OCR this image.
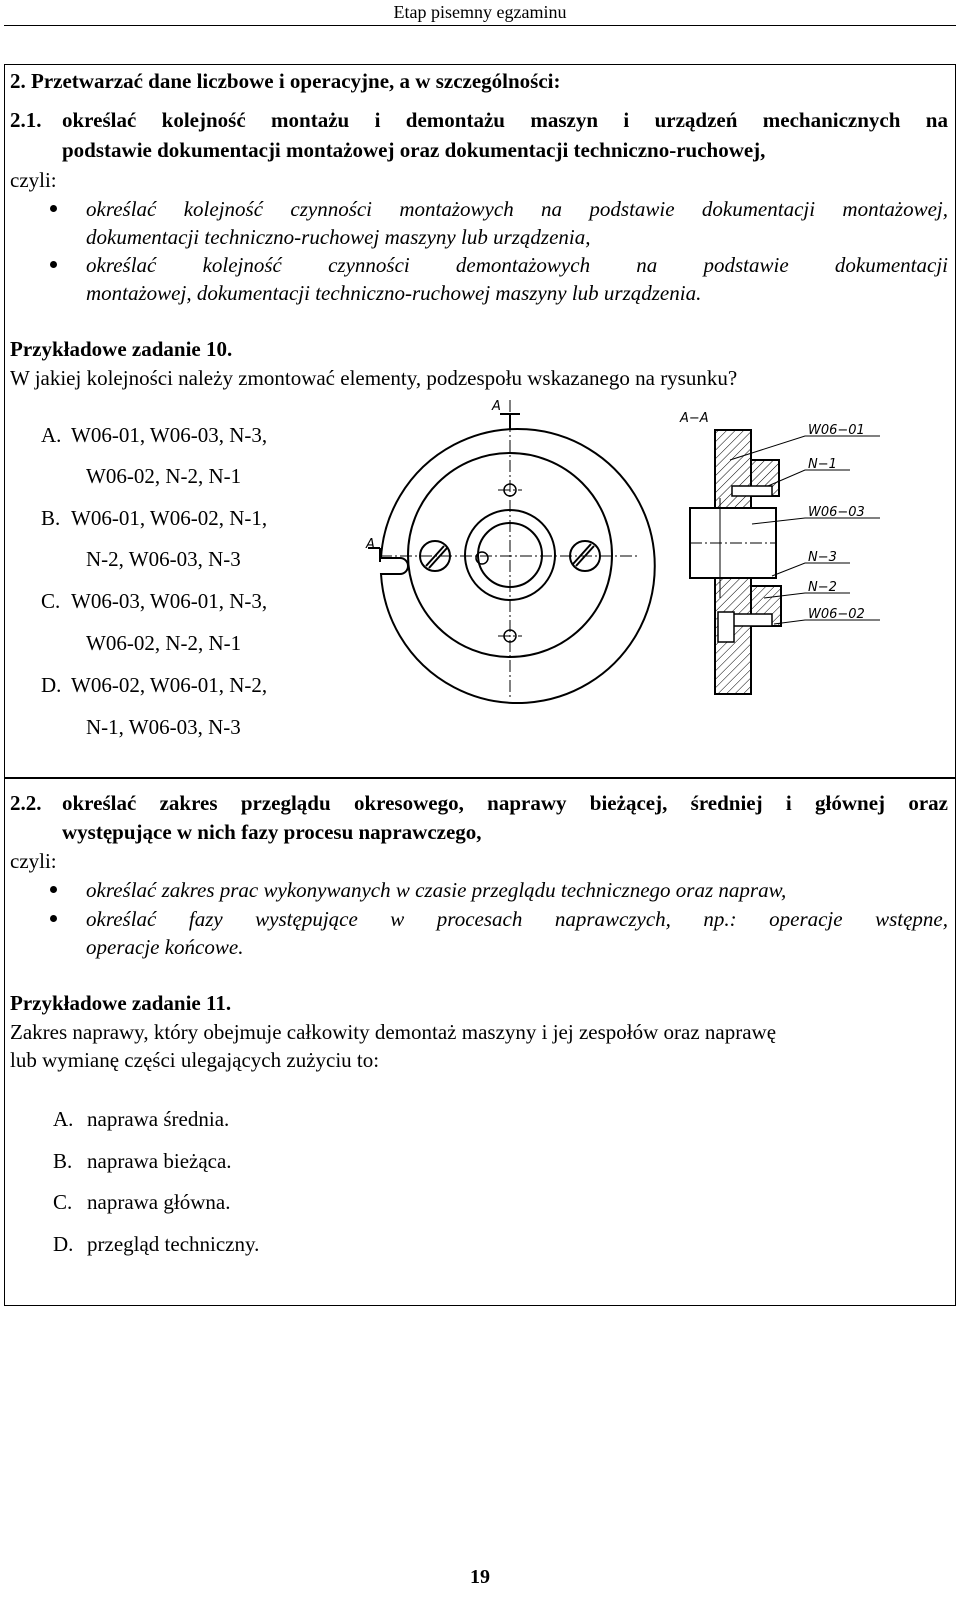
Etap pisemny egzaminu
2. Przetwarzać dane liczbowe i operacyjne, a w szczególności:
2.1. określać kolejność montażu i demontażu maszyn i urządzeń mechanicznych na
podstawie dokumentacji montażowej oraz dokumentacji techniczno-ruchowej,
czyli:
określać kolejność czynności montażowych na podstawie dokumentacji montażowej,
dokumentacji techniczno-ruchowej maszyny lub urządzenia,
określać kolejność czynności demontażowych na podstawie dokumentacji
montażowej, dokumentacji techniczno-ruchowej maszyny lub urządzenia.
Przykładowe zadanie 10.
W jakiej kolejności należy zmontować elementy, podzespołu wskazanego na rysunku?
A. W06-01, W06-03, N-3,
W06-02, N-2, N-1
B. W06-01, W06-02, N-1,
N-2, W06-03, N-3
C. W06-03, W06-01, N-3,
W06-02, N-2, N-1
D. W06-02, W06-01, N-2,
N-1, W06-03, N-3
A
A
A−A
W06−01
N−1
W06−03
N−3
N−2
W06−02
2.2. określać zakres przeglądu okresowego, naprawy bieżącej, średniej i głównej oraz
występujące w nich fazy procesu naprawczego,
czyli:
określać zakres prac wykonywanych w czasie przeglądu technicznego oraz napraw,
określać fazy występujące w procesach naprawczych, np.: operacje wstępne,
operacje końcowe.
Przykładowe zadanie 11.
Zakres naprawy, który obejmuje całkowity demontaż maszyny i jej zespołów oraz naprawę
lub wymianę części ulegających zużyciu to:
A. naprawa średnia.
B. naprawa bieżąca.
C. naprawa główna.
D. przegląd techniczny.
19
